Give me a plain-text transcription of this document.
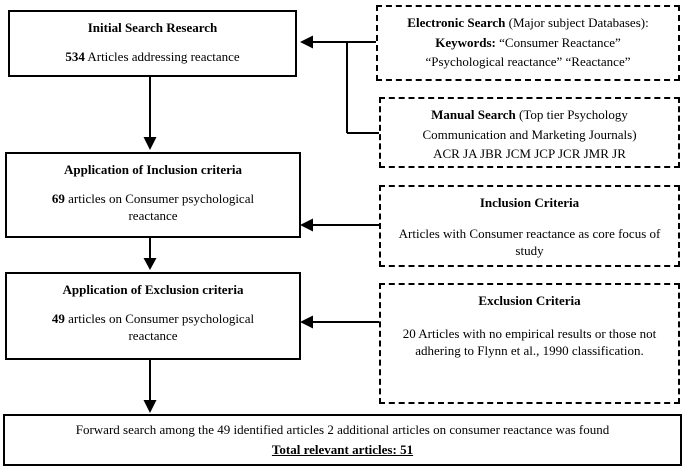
Initial Search Research
534 Articles addressing reactance
Application of Inclusion criteria
69 articles on Consumer psychological reactance
Application of Exclusion criteria
49 articles on Consumer psychological reactance
Forward search among the 49 identified articles 2 additional articles on consumer reactance was found
Total relevant articles: 51
Electronic Search (Major subject Databases):
Keywords: “Consumer Reactance”
“Psychological reactance” “Reactance”
Manual Search (Top tier Psychology
Communication and Marketing Journals)
ACR JA JBR JCM JCP JCR JMR JR
Inclusion Criteria
Articles with Consumer reactance as core focus of study
Exclusion Criteria
20 Articles with no empirical results or those not adhering to Flynn et al., 1990 classification.
